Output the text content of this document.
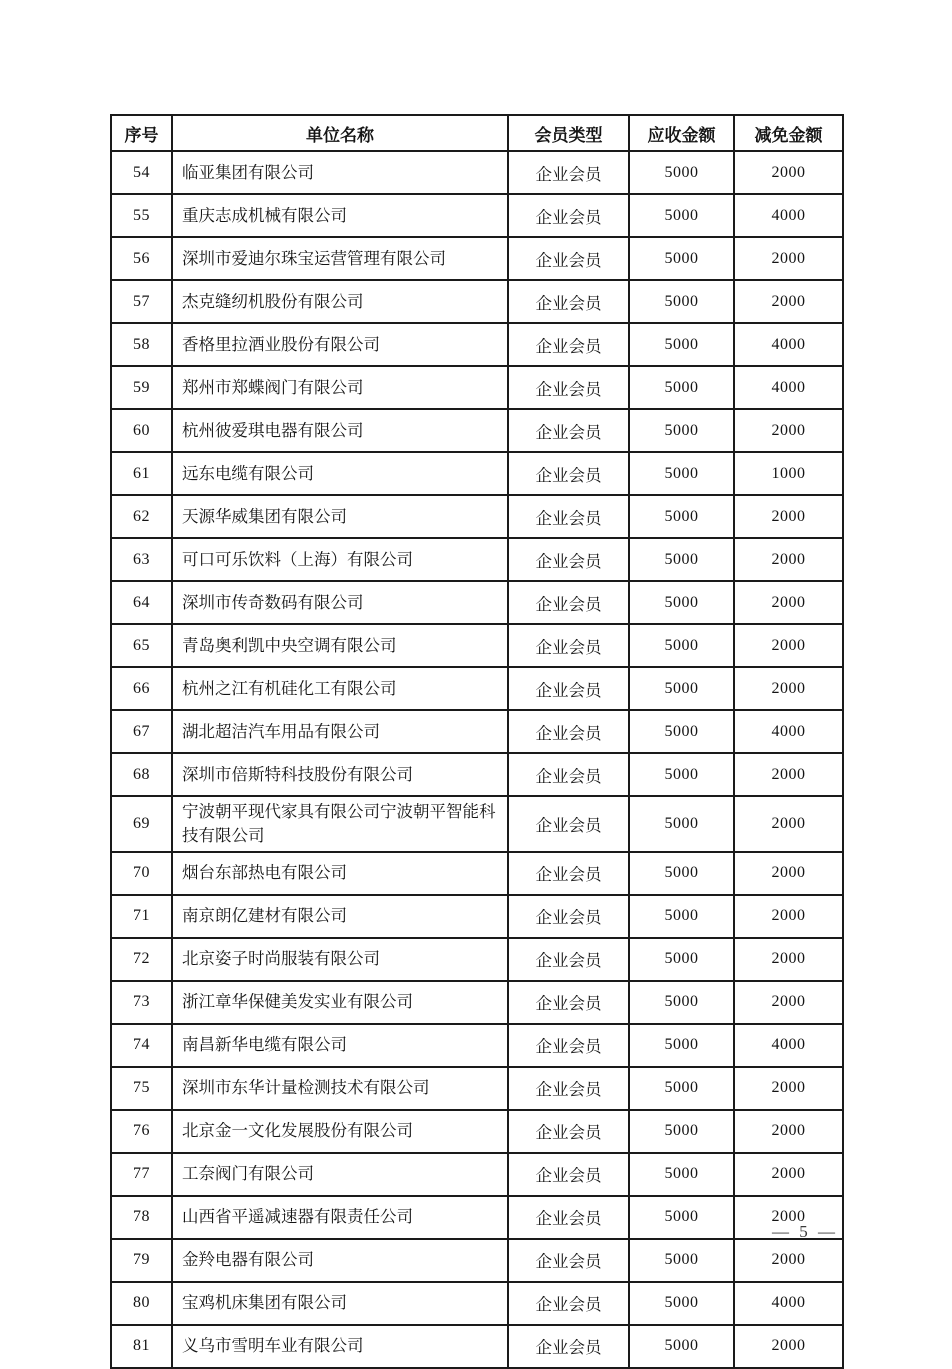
序号	单位名称	会员类型	应收金额	减免金额
54	临亚集团有限公司	企业会员	5000	2000
55	重庆志成机械有限公司	企业会员	5000	4000
56	深圳市爱迪尔珠宝运营管理有限公司	企业会员	5000	2000
57	杰克缝纫机股份有限公司	企业会员	5000	2000
58	香格里拉酒业股份有限公司	企业会员	5000	4000
59	郑州市郑蝶阀门有限公司	企业会员	5000	4000
60	杭州彼爱琪电器有限公司	企业会员	5000	2000
61	远东电缆有限公司	企业会员	5000	1000
62	天源华威集团有限公司	企业会员	5000	2000
63	可口可乐饮料（上海）有限公司	企业会员	5000	2000
64	深圳市传奇数码有限公司	企业会员	5000	2000
65	青岛奥利凯中央空调有限公司	企业会员	5000	2000
66	杭州之江有机硅化工有限公司	企业会员	5000	2000
67	湖北超洁汽车用品有限公司	企业会员	5000	4000
68	深圳市倍斯特科技股份有限公司	企业会员	5000	2000
69	宁波朝平现代家具有限公司宁波朝平智能科技有限公司	企业会员	5000	2000
70	烟台东部热电有限公司	企业会员	5000	2000
71	南京朗亿建材有限公司	企业会员	5000	2000
72	北京姿子时尚服装有限公司	企业会员	5000	2000
73	浙江章华保健美发实业有限公司	企业会员	5000	2000
74	南昌新华电缆有限公司	企业会员	5000	4000
75	深圳市东华计量检测技术有限公司	企业会员	5000	2000
76	北京金一文化发展股份有限公司	企业会员	5000	2000
77	工奈阀门有限公司	企业会员	5000	2000
78	山西省平遥减速器有限责任公司	企业会员	5000	2000
79	金羚电器有限公司	企业会员	5000	2000
80	宝鸡机床集团有限公司	企业会员	5000	4000
81	义乌市雪明车业有限公司	企业会员	5000	2000
— 5 —
